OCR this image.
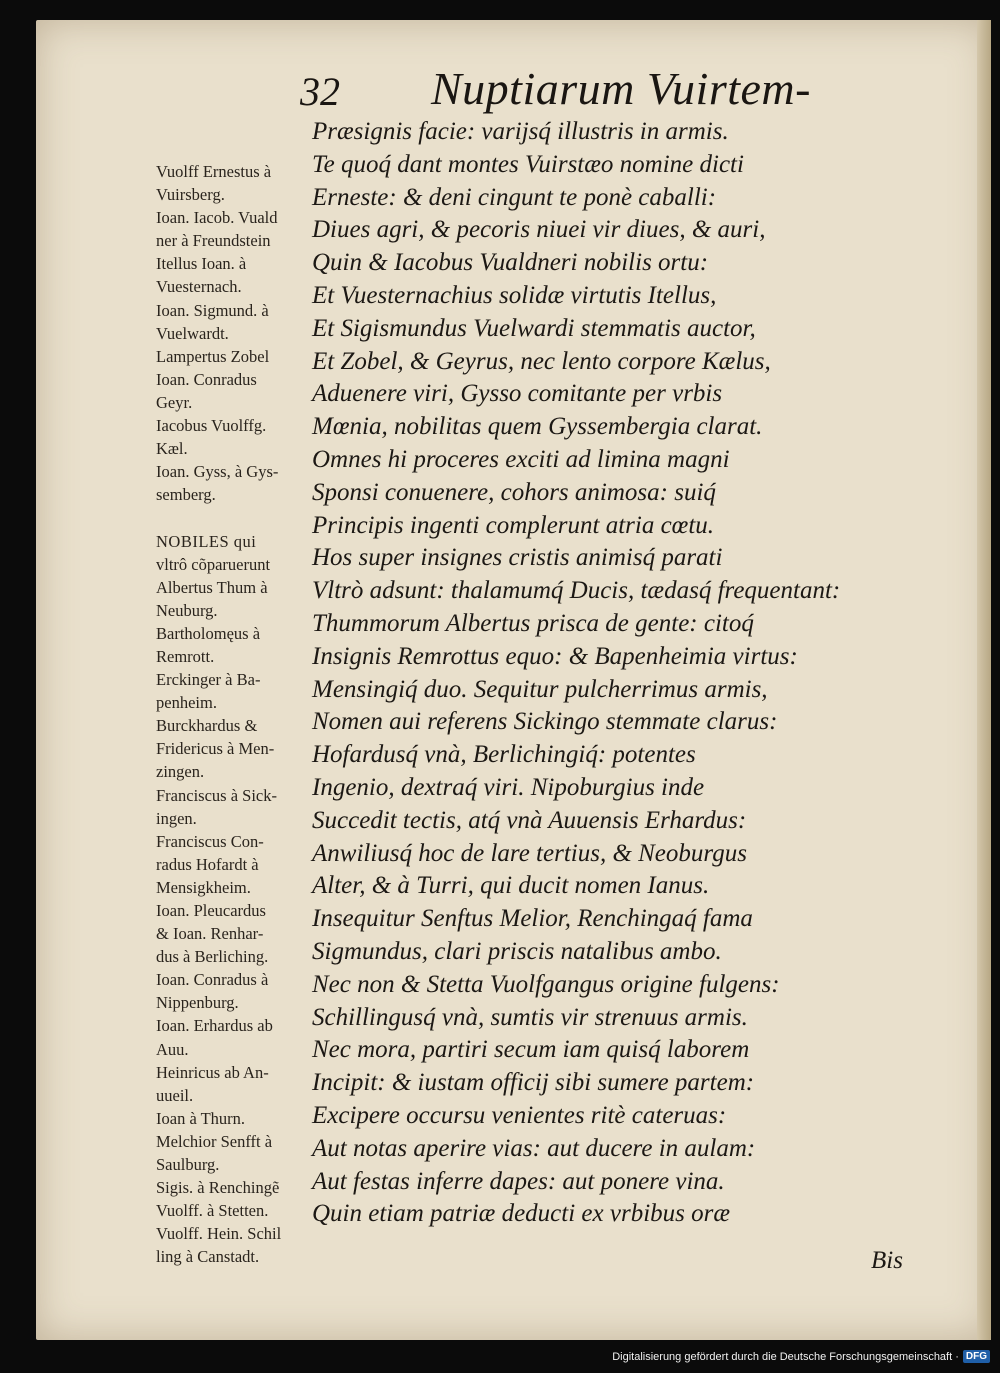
32 Nuptiarum Vuirtem-
Præsignis facie: varijsq́ illustris in armis.
Te quoq́ dant montes Vuirstæo nomine dicti
Erneste: & deni cingunt te ponè caballi:
Diues agri, & pecoris niuei vir diues, & auri,
Quin & Iacobus Vualdneri nobilis ortu:
Et Vuesternachius solidæ virtutis Itellus,
Et Sigismundus Vuelwardi stemmatis auctor,
Et Zobel, & Geyrus, nec lento corpore Kælus,
Aduenere viri, Gysso comitante per vrbis
Mœnia, nobilitas quem Gyssembergia clarat.
Omnes hi proceres exciti ad limina magni
Sponsi conuenere, cohors animosa: suiq́
Principis ingenti complerunt atria cœtu.
Hos super insignes cristis animisq́ parati
Vltrò adsunt: thalamumq́ Ducis, tædasq́ frequentant:
Thummorum Albertus prisca de gente: citoq́
Insignis Remrottus equo: & Bapenheimia virtus:
Mensingiq́ duo. Sequitur pulcherrimus armis,
Nomen aui referens Sickingo stemmate clarus:
Hofardusq́ vnà, Berlichingiq́: potentes
Ingenio, dextraq́ viri. Nipoburgius inde
Succedit tectis, atq́ vnà Auuensis Erhardus:
Anwiliusq́ hoc de lare tertius, & Neoburgus
Alter, & à Turri, qui ducit nomen Ianus.
Insequitur Senftus Melior, Renchingaq́ fama
Sigmundus, clari priscis natalibus ambo.
Nec non & Stetta Vuolfgangus origine fulgens:
Schillingusq́ vnà, sumtis vir strenuus armis.
Nec mora, partiri secum iam quisq́ laborem
Incipit: & iustam officij sibi sumere partem:
Excipere occursu venientes ritè cateruas:
Aut notas aperire vias: aut ducere in aulam:
Aut festas inferre dapes: aut ponere vina.
Quin etiam patriæ deducti ex vrbibus oræ
Vuolff Ernestus à
Vuirsberg.
Ioan. Iacob. Vuald
ner à Freundstein
Itellus Ioan. à
Vuesternach.
Ioan. Sigmund. à
Vuelwardt.
Lampertus Zobel
Ioan. Conradus
Geyr.
Iacobus Vuolffg.
Kæl.
Ioan. Gyss, à Gys-
semberg.
NOBILES qui
vltrô cõparuerunt
Albertus Thum à
Neuburg.
Bartholomęus à
Remrott.
Erckinger à Ba-
penheim.
Burckhardus &
Fridericus à Men-
zingen.
Franciscus à Sick-
ingen.
Franciscus Con-
radus Hofardt à
Mensigkheim.
Ioan. Pleucardus
& Ioan. Renhar-
dus à Berliching.
Ioan. Conradus à
Nippenburg.
Ioan. Erhardus ab
Auu.
Heinricus ab An-
uueil.
Ioan à Thurn.
Melchior Senfft à
Saulburg.
Sigis. à Renchingẽ
Vuolff. à Stetten.
Vuolff. Hein. Schil
ling à Canstadt.	Bis
Digitalisierung gefördert durch die Deutsche Forschungsgemeinschaft · DFG
